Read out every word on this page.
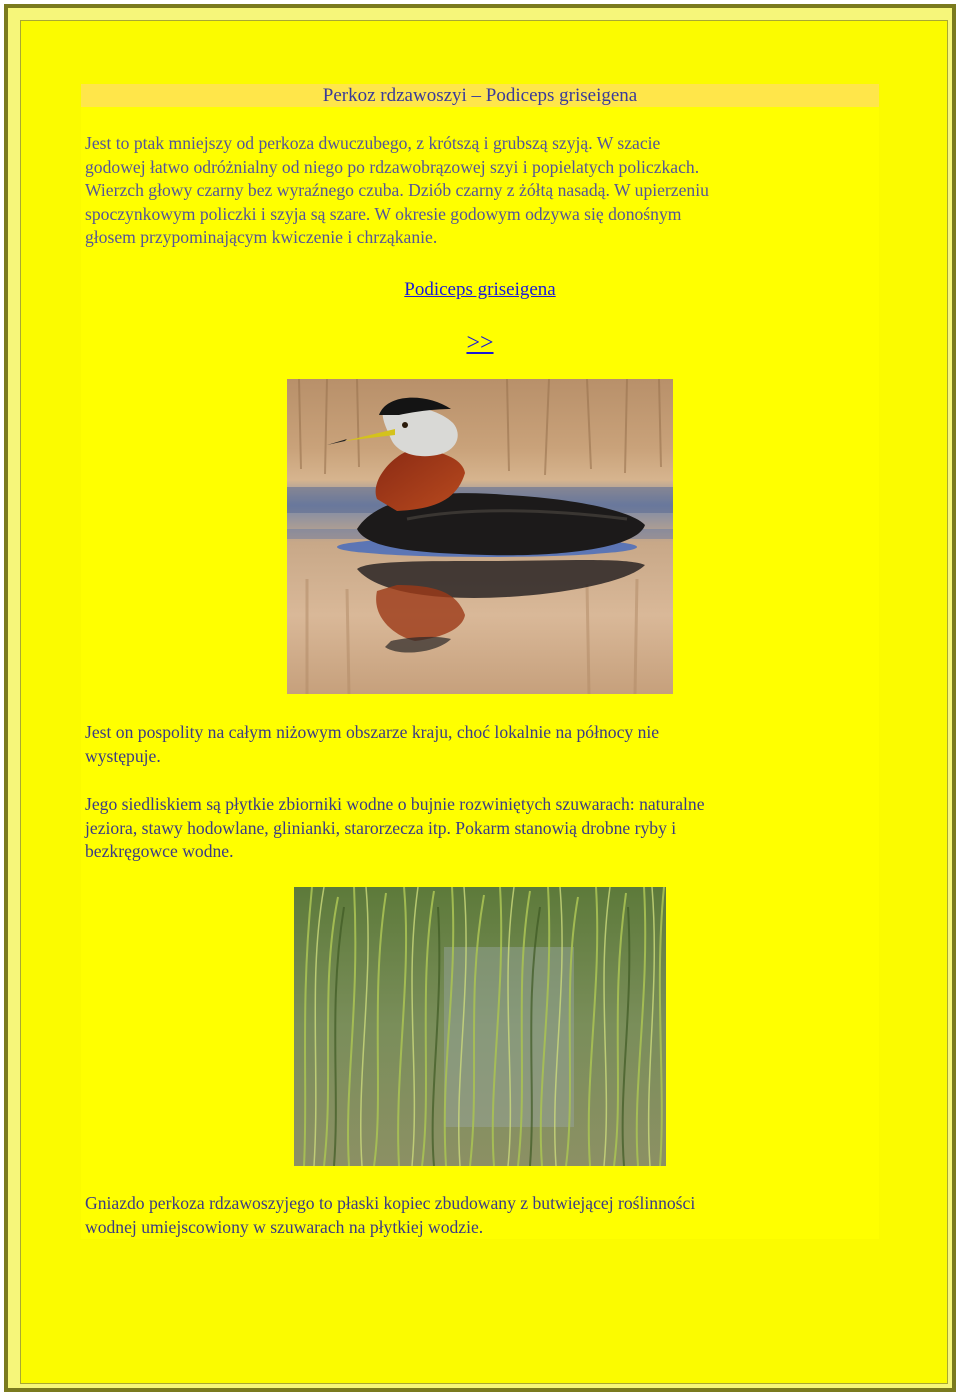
Perkoz rdzawoszyi – Podiceps griseigena
Jest to ptak mniejszy od perkoza dwuczubego, z krótszą i grubszą szyją. W szacie
godowej łatwo odróżnialny od niego po rdzawobrązowej szyi i popielatych policzkach.
Wierzch głowy czarny bez wyraźnego czuba. Dziób czarny z żółtą nasadą. W upierzeniu
spoczynkowym policzki i szyja są szare. W okresie godowym odzywa się donośnym
głosem przypominającym kwiczenie i chrząkanie.
Podiceps griseigena
>>
Jest on pospolity na całym niżowym obszarze kraju, choć lokalnie na północy nie
występuje.
Jego siedliskiem są płytkie zbiorniki wodne o bujnie rozwiniętych szuwarach: naturalne
jeziora, stawy hodowlane, glinianki, starorzecza itp. Pokarm stanowią drobne ryby i
bezkręgowce wodne.
Gniazdo perkoza rdzawoszyjego to płaski kopiec zbudowany z butwiejącej roślinności
wodnej umiejscowiony w szuwarach na płytkiej wodzie.
